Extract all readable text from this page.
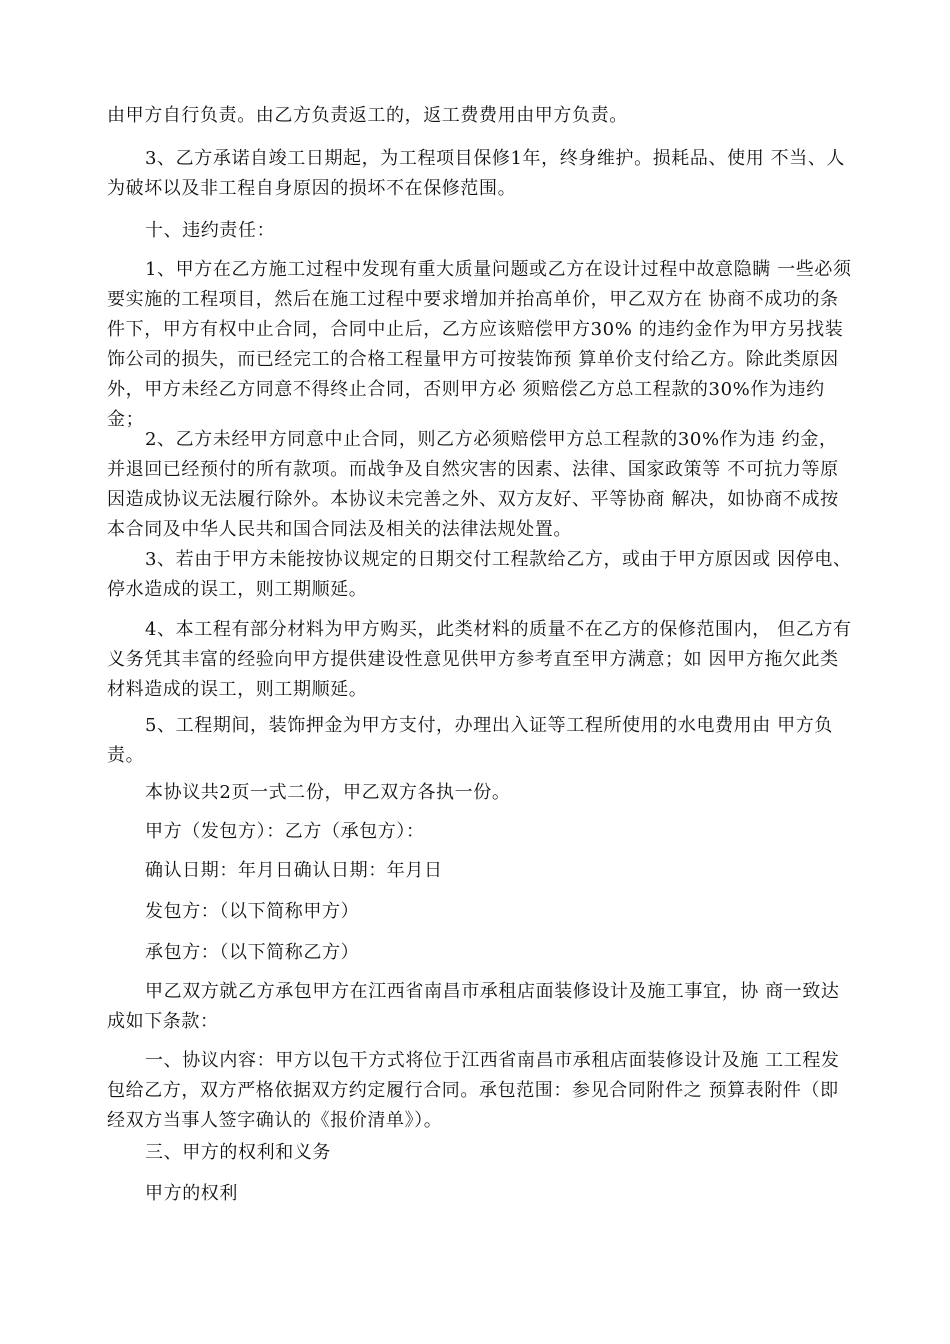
由甲方自行负责。由乙方负责返工的，返工费费用由甲方负责。

3、乙方承诺自竣工日期起，为工程项目保修1年，终身维护。损耗品、使用 不当、人为破坏以及非工程自身原因的损坏不在保修范围。

十、违约责任：

1、甲方在乙方施工过程中发现有重大质量问题或乙方在设计过程中故意隐瞒 一些必须要实施的工程项目，然后在施工过程中要求增加并抬高单价，甲乙双方在 协商不成功的条件下，甲方有权中止合同，合同中止后，乙方应该赔偿甲方30% 的违约金作为甲方另找装饰公司的损失，而已经完工的合格工程量甲方可按装饰预 算单价支付给乙方。除此类原因外，甲方未经乙方同意不得终止合同，否则甲方必 须赔偿乙方总工程款的30%作为违约金；

2、乙方未经甲方同意中止合同，则乙方必须赔偿甲方总工程款的30%作为违 约金，并退回已经预付的所有款项。而战争及自然灾害的因素、法律、国家政策等 不可抗力等原因造成协议无法履行除外。本协议未完善之外、双方友好、平等协商 解决，如协商不成按本合同及中华人民共和国合同法及相关的法律法规处置。

3、若由于甲方未能按协议规定的日期交付工程款给乙方，或由于甲方原因或 因停电、停水造成的误工，则工期顺延。

4、本工程有部分材料为甲方购买，此类材料的质量不在乙方的保修范围内， 但乙方有义务凭其丰富的经验向甲方提供建设性意见供甲方参考直至甲方满意；如 因甲方拖欠此类材料造成的误工，则工期顺延。

5、工程期间，装饰押金为甲方支付，办理出入证等工程所使用的水电费用由 甲方负责。

本协议共2页一式二份，甲乙双方各执一份。

甲方（发包方）：乙方（承包方）：

确认日期：年月日确认日期：年月日

发包方：（以下简称甲方）

承包方：（以下简称乙方）

甲乙双方就乙方承包甲方在江西省南昌市承租店面装修设计及施工事宜，协 商一致达成如下条款：

一、协议内容：甲方以包干方式将位于江西省南昌市承租店面装修设计及施 工工程发包给乙方，双方严格依据双方约定履行合同。承包范围：参见合同附件之 预算表附件（即经双方当事人签字确认的《报价清单》）。

三、甲方的权利和义务

甲方的权利
